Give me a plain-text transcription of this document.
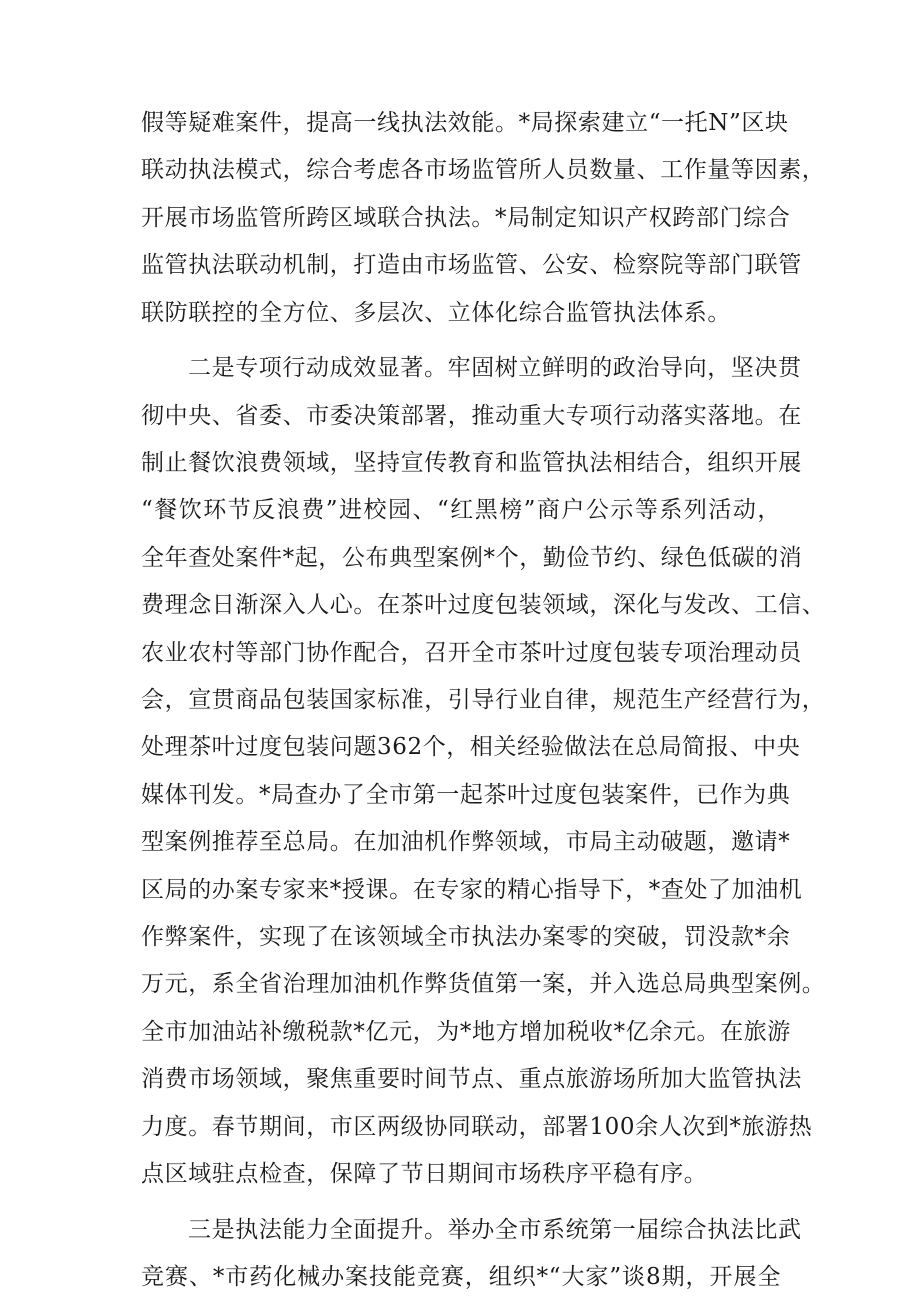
假等疑难案件，提高一线执法效能。*局探索建立“一托N”区块
联动执法模式，综合考虑各市场监管所人员数量、工作量等因素，
开展市场监管所跨区域联合执法。*局制定知识产权跨部门综合
监管执法联动机制，打造由市场监管、公安、检察院等部门联管
联防联控的全方位、多层次、立体化综合监管执法体系。
二是专项行动成效显著。牢固树立鲜明的政治导向，坚决贯
彻中央、省委、市委决策部署，推动重大专项行动落实落地。在
制止餐饮浪费领域，坚持宣传教育和监管执法相结合，组织开展
“餐饮环节反浪费”进校园、“红黑榜”商户公示等系列活动，
全年查处案件*起，公布典型案例*个，勤俭节约、绿色低碳的消
费理念日渐深入人心。在茶叶过度包装领域，深化与发改、工信、
农业农村等部门协作配合，召开全市茶叶过度包装专项治理动员
会，宣贯商品包装国家标准，引导行业自律，规范生产经营行为，
处理茶叶过度包装问题362个，相关经验做法在总局简报、中央
媒体刊发。*局查办了全市第一起茶叶过度包装案件，已作为典
型案例推荐至总局。在加油机作弊领域，市局主动破题，邀请*
区局的办案专家来*授课。在专家的精心指导下，*查处了加油机
作弊案件，实现了在该领域全市执法办案零的突破，罚没款*余
万元，系全省治理加油机作弊货值第一案，并入选总局典型案例。
全市加油站补缴税款*亿元，为*地方增加税收*亿余元。在旅游
消费市场领域，聚焦重要时间节点、重点旅游场所加大监管执法
力度。春节期间，市区两级协同联动，部署100余人次到*旅游热
点区域驻点检查，保障了节日期间市场秩序平稳有序。
三是执法能力全面提升。举办全市系统第一届综合执法比武
竞赛、*市药化械办案技能竞赛，组织*“大家”谈8期，开展全
